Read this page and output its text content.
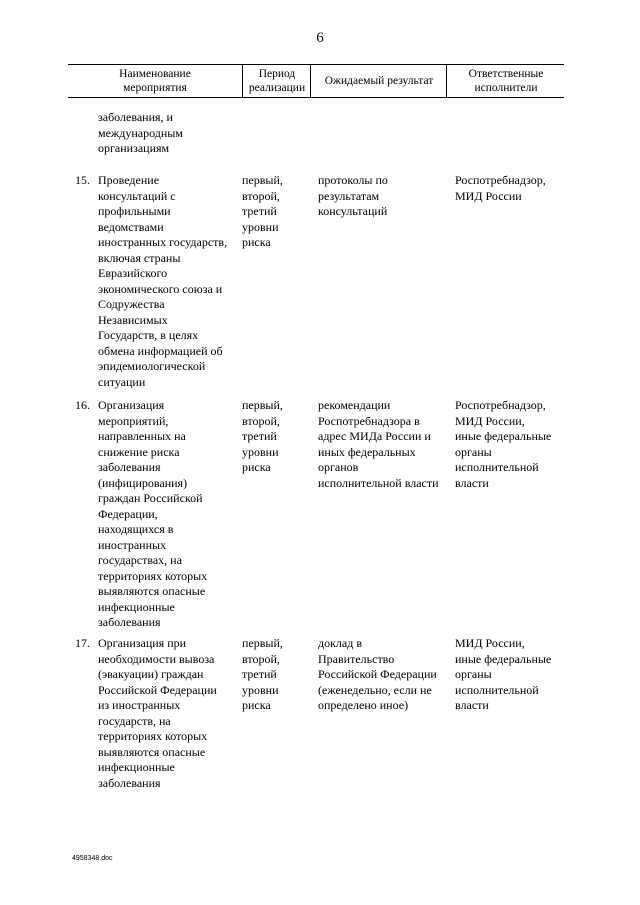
6
Наименование
мероприятия
Период
реализации
Ожидаемый результат
Ответственные
исполнители
заболевания, и
международным
организациям
15. Проведение
консультаций с
профильными
ведомствами
иностранных государств,
включая страны
Евразийского
экономического союза и
Содружества
Независимых
Государств, в целях
обмена информацией об
эпидемиологической
ситуации
первый,
второй,
третий
уровни
риска
протоколы по
результатам
консультаций
Роспотребнадзор,
МИД России
16. Организация
мероприятий,
направленных на
снижение риска
заболевания
(инфицирования)
граждан Российской
Федерации,
находящихся в
иностранных
государствах, на
территориях которых
выявляются опасные
инфекционные
заболевания
первый,
второй,
третий
уровни
риска
рекомендации
Роспотребнадзора в
адрес МИДа России и
иных федеральных
органов
исполнительной власти
Роспотребнадзор,
МИД России,
иные федеральные
органы
исполнительной
власти
17. Организация при
необходимости вывоза
(эвакуации) граждан
Российской Федерации
из иностранных
государств, на
территориях которых
выявляются опасные
инфекционные
заболевания
первый,
второй,
третий
уровни
риска
доклад в
Правительство
Российской Федерации
(еженедельно, если не
определено иное)
МИД России,
иные федеральные
органы
исполнительной
власти
4958348.doc
